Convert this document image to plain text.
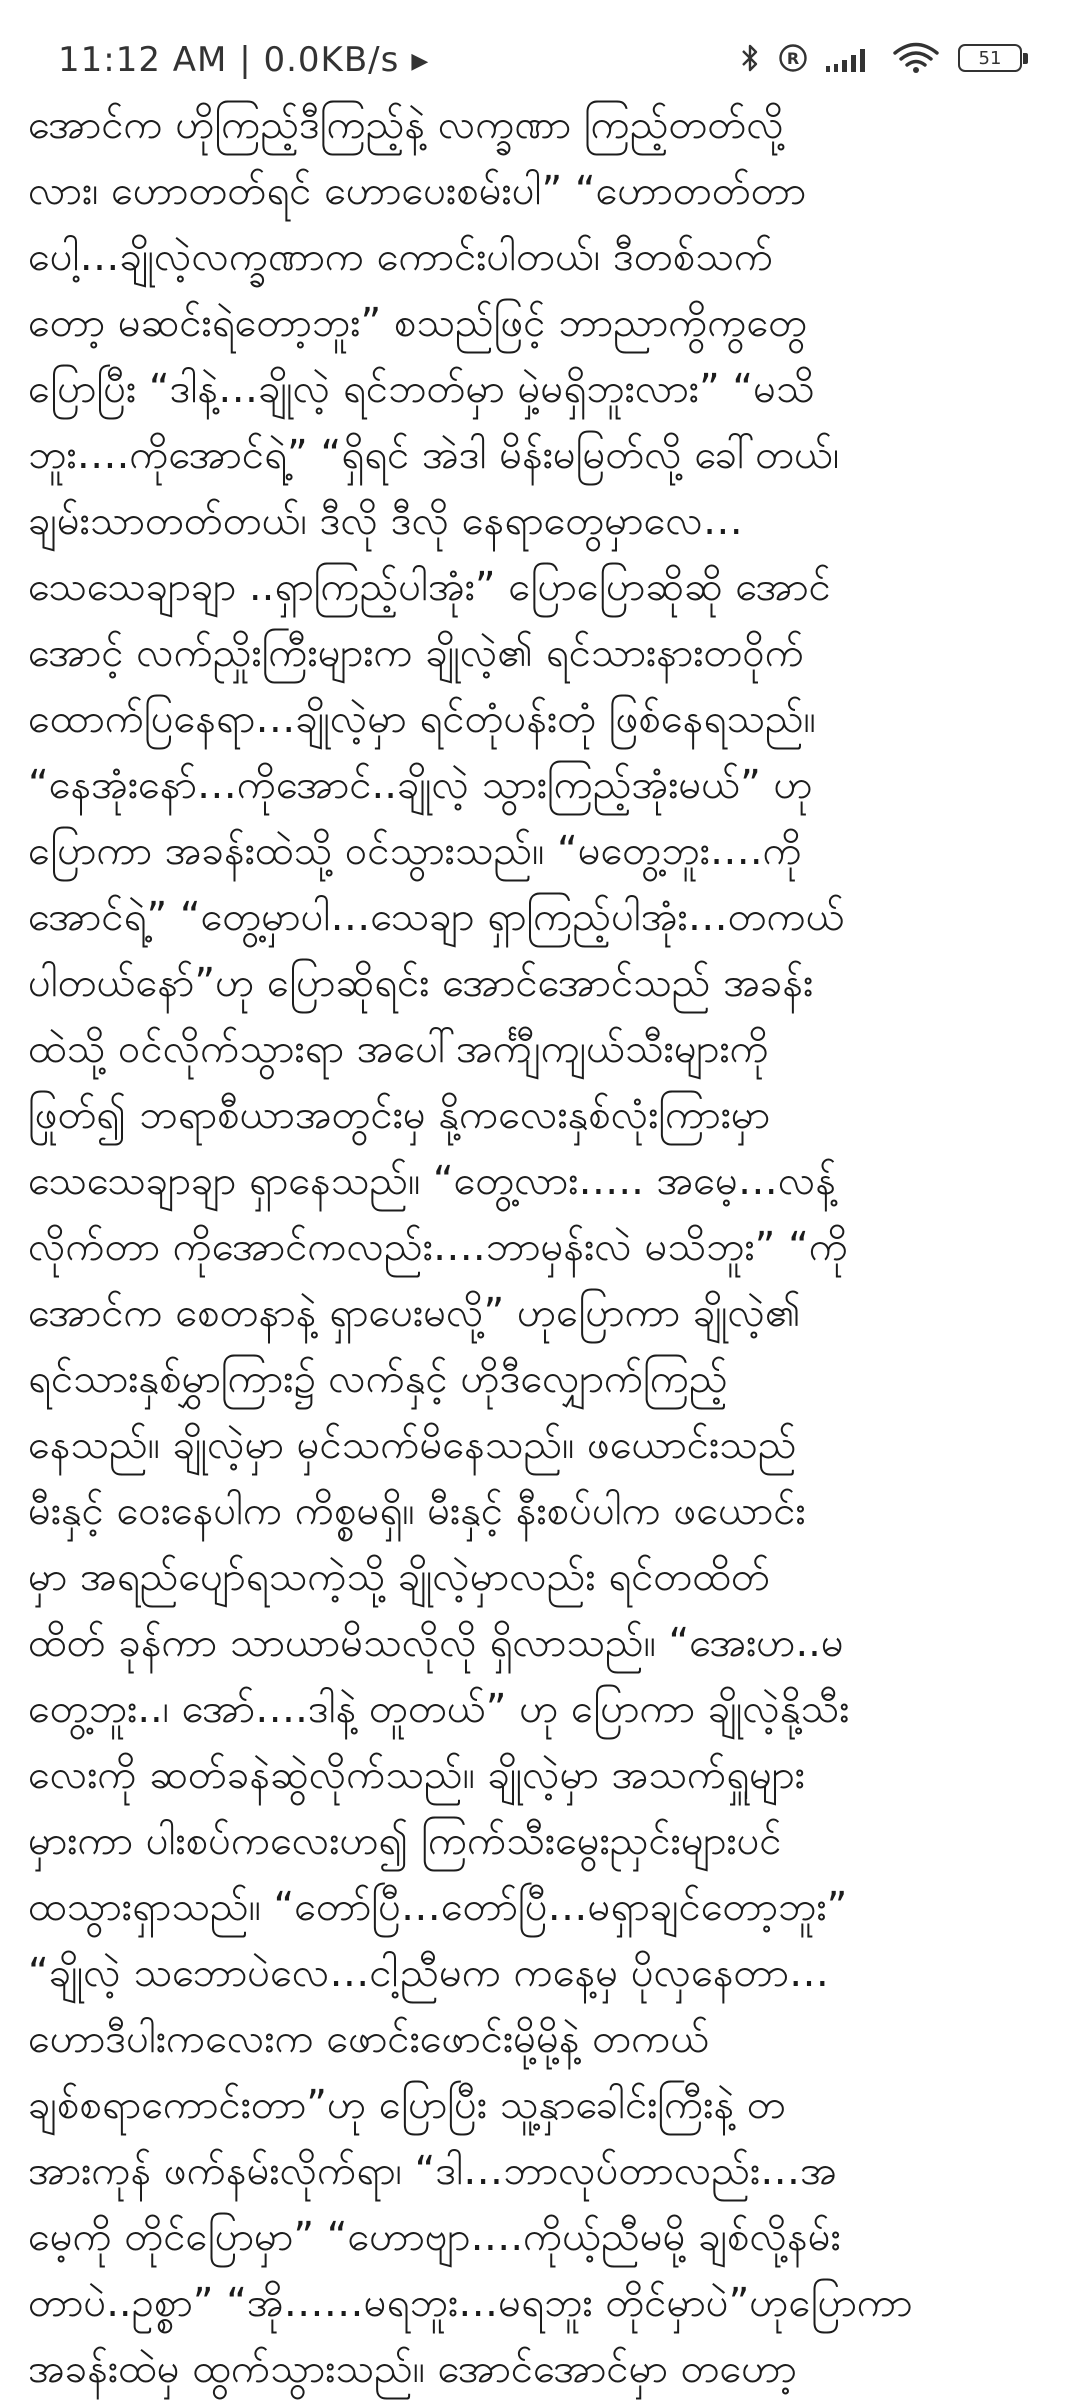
11:12 AM | 0.0KB/s ▶	R	51
အောင်က ဟိုကြည့်ဒီကြည့်နဲ့ လက္ခဏာ ကြည့်တတ်လို့
လား၊ ဟောတတ်ရင် ဟောပေးစမ်းပါ” “ဟောတတ်တာ
ပေါ့…ချိုလဲ့လက္ခဏာက ကောင်းပါတယ်၊ ဒီတစ်သက်
တော့ မဆင်းရဲတော့ဘူး” စသည်ဖြင့် ဘာညာကွိကွတွေ
ပြောပြီး “ဒါနဲ့…ချိုလဲ့ ရင်ဘတ်မှာ မှဲ့မရှိဘူးလား” “မသိ
ဘူး….ကိုအောင်ရဲ့” “ရှိရင် အဲဒါ မိန်းမမြတ်လို့ ခေါ်တယ်၊
ချမ်းသာတတ်တယ်၊ ဒီလို ဒီလို နေရာတွေမှာလေ…
သေသေချာချာ ..ရှာကြည့်ပါအုံး” ပြောပြောဆိုဆို အောင်
အောင့် လက်ညှိုးကြီးများက ချိုလဲ့၏ ရင်သားနားတဝိုက်
ထောက်ပြနေရာ…ချိုလဲ့မှာ ရင်တုံပန်းတုံ ဖြစ်နေရသည်။
“နေအုံးနော်…ကိုအောင်..ချိုလဲ့ သွားကြည့်အုံးမယ်” ဟု
ပြောကာ အခန်းထဲသို့ ဝင်သွားသည်။ “မတွေ့ဘူး….ကို
အောင်ရဲ့” “တွေ့မှာပါ…သေချာ ရှာကြည့်ပါအုံး…တကယ်
ပါတယ်နော်”ဟု ပြောဆိုရင်း အောင်အောင်သည် အခန်း
ထဲသို့ ဝင်လိုက်သွားရာ အပေါ်အင်္ကျီကျယ်သီးများကို
ဖြုတ်၍ ဘရာစီယာအတွင်းမှ နို့ကလေးနှစ်လုံးကြားမှာ
သေသေချာချာ ရှာနေသည်။ “တွေ့လား….. အမေ့…လန့်
လိုက်တာ ကိုအောင်ကလည်း….ဘာမှန်းလဲ မသိဘူး” “ကို
အောင်က စေတနာနဲ့ ရှာပေးမလို့” ဟုပြောကာ ချိုလဲ့၏
ရင်သားနှစ်မွှာကြား၌ လက်နှင့် ဟိုဒီလျှောက်ကြည့်
နေသည်။ ချိုလဲ့မှာ မှင်သက်မိနေသည်။ ဖယောင်းသည်
မီးနှင့် ဝေးနေပါက ကိစ္စမရှိ။ မီးနှင့် နီးစပ်ပါက ဖယောင်း
မှာ အရည်ပျော်ရသကဲ့သို့ ချိုလဲ့မှာလည်း ရင်တထိတ်
ထိတ် ခုန်ကာ သာယာမိသလိုလို ရှိလာသည်။ “အေးဟ..မ
တွေ့ဘူး..၊ အော်….ဒါနဲ့ တူတယ်” ဟု ပြောကာ ချိုလဲ့နို့သီး
လေးကို ဆတ်ခနဲဆွဲလိုက်သည်။ ချိုလဲ့မှာ အသက်ရှူများ
မှားကာ ပါးစပ်ကလေးဟ၍ ကြက်သီးမွေးညှင်းများပင်
ထသွားရှာသည်။ “တော်ပြီ…တော်ပြီ…မရှာချင်တော့ဘူး”
“ချိုလဲ့ သဘောပဲလေ…ငါ့ညီမက ကနေ့မှ ပိုလှနေတာ…
ဟောဒီပါးကလေးက ဖောင်းဖောင်းမို့မို့နဲ့ တကယ်
ချစ်စရာကောင်းတာ”ဟု ပြောပြီး သူ့နှာခေါင်းကြီးနဲ့ တ
အားကုန် ဖက်နမ်းလိုက်ရာ၊ “ဒါ…ဘာလုပ်တာလည်း…အ
မေ့ကို တိုင်ပြောမှာ” “ဟောဗျာ….ကိုယ့်ညီမမို့ ချစ်လို့နမ်း
တာပဲ..ဥစ္စာ” “အို……မရဘူး…မရဘူး တိုင်မှာပဲ”ဟုပြောကာ
အခန်းထဲမှ ထွက်သွားသည်။ အောင်အောင်မှာ တဟော့
